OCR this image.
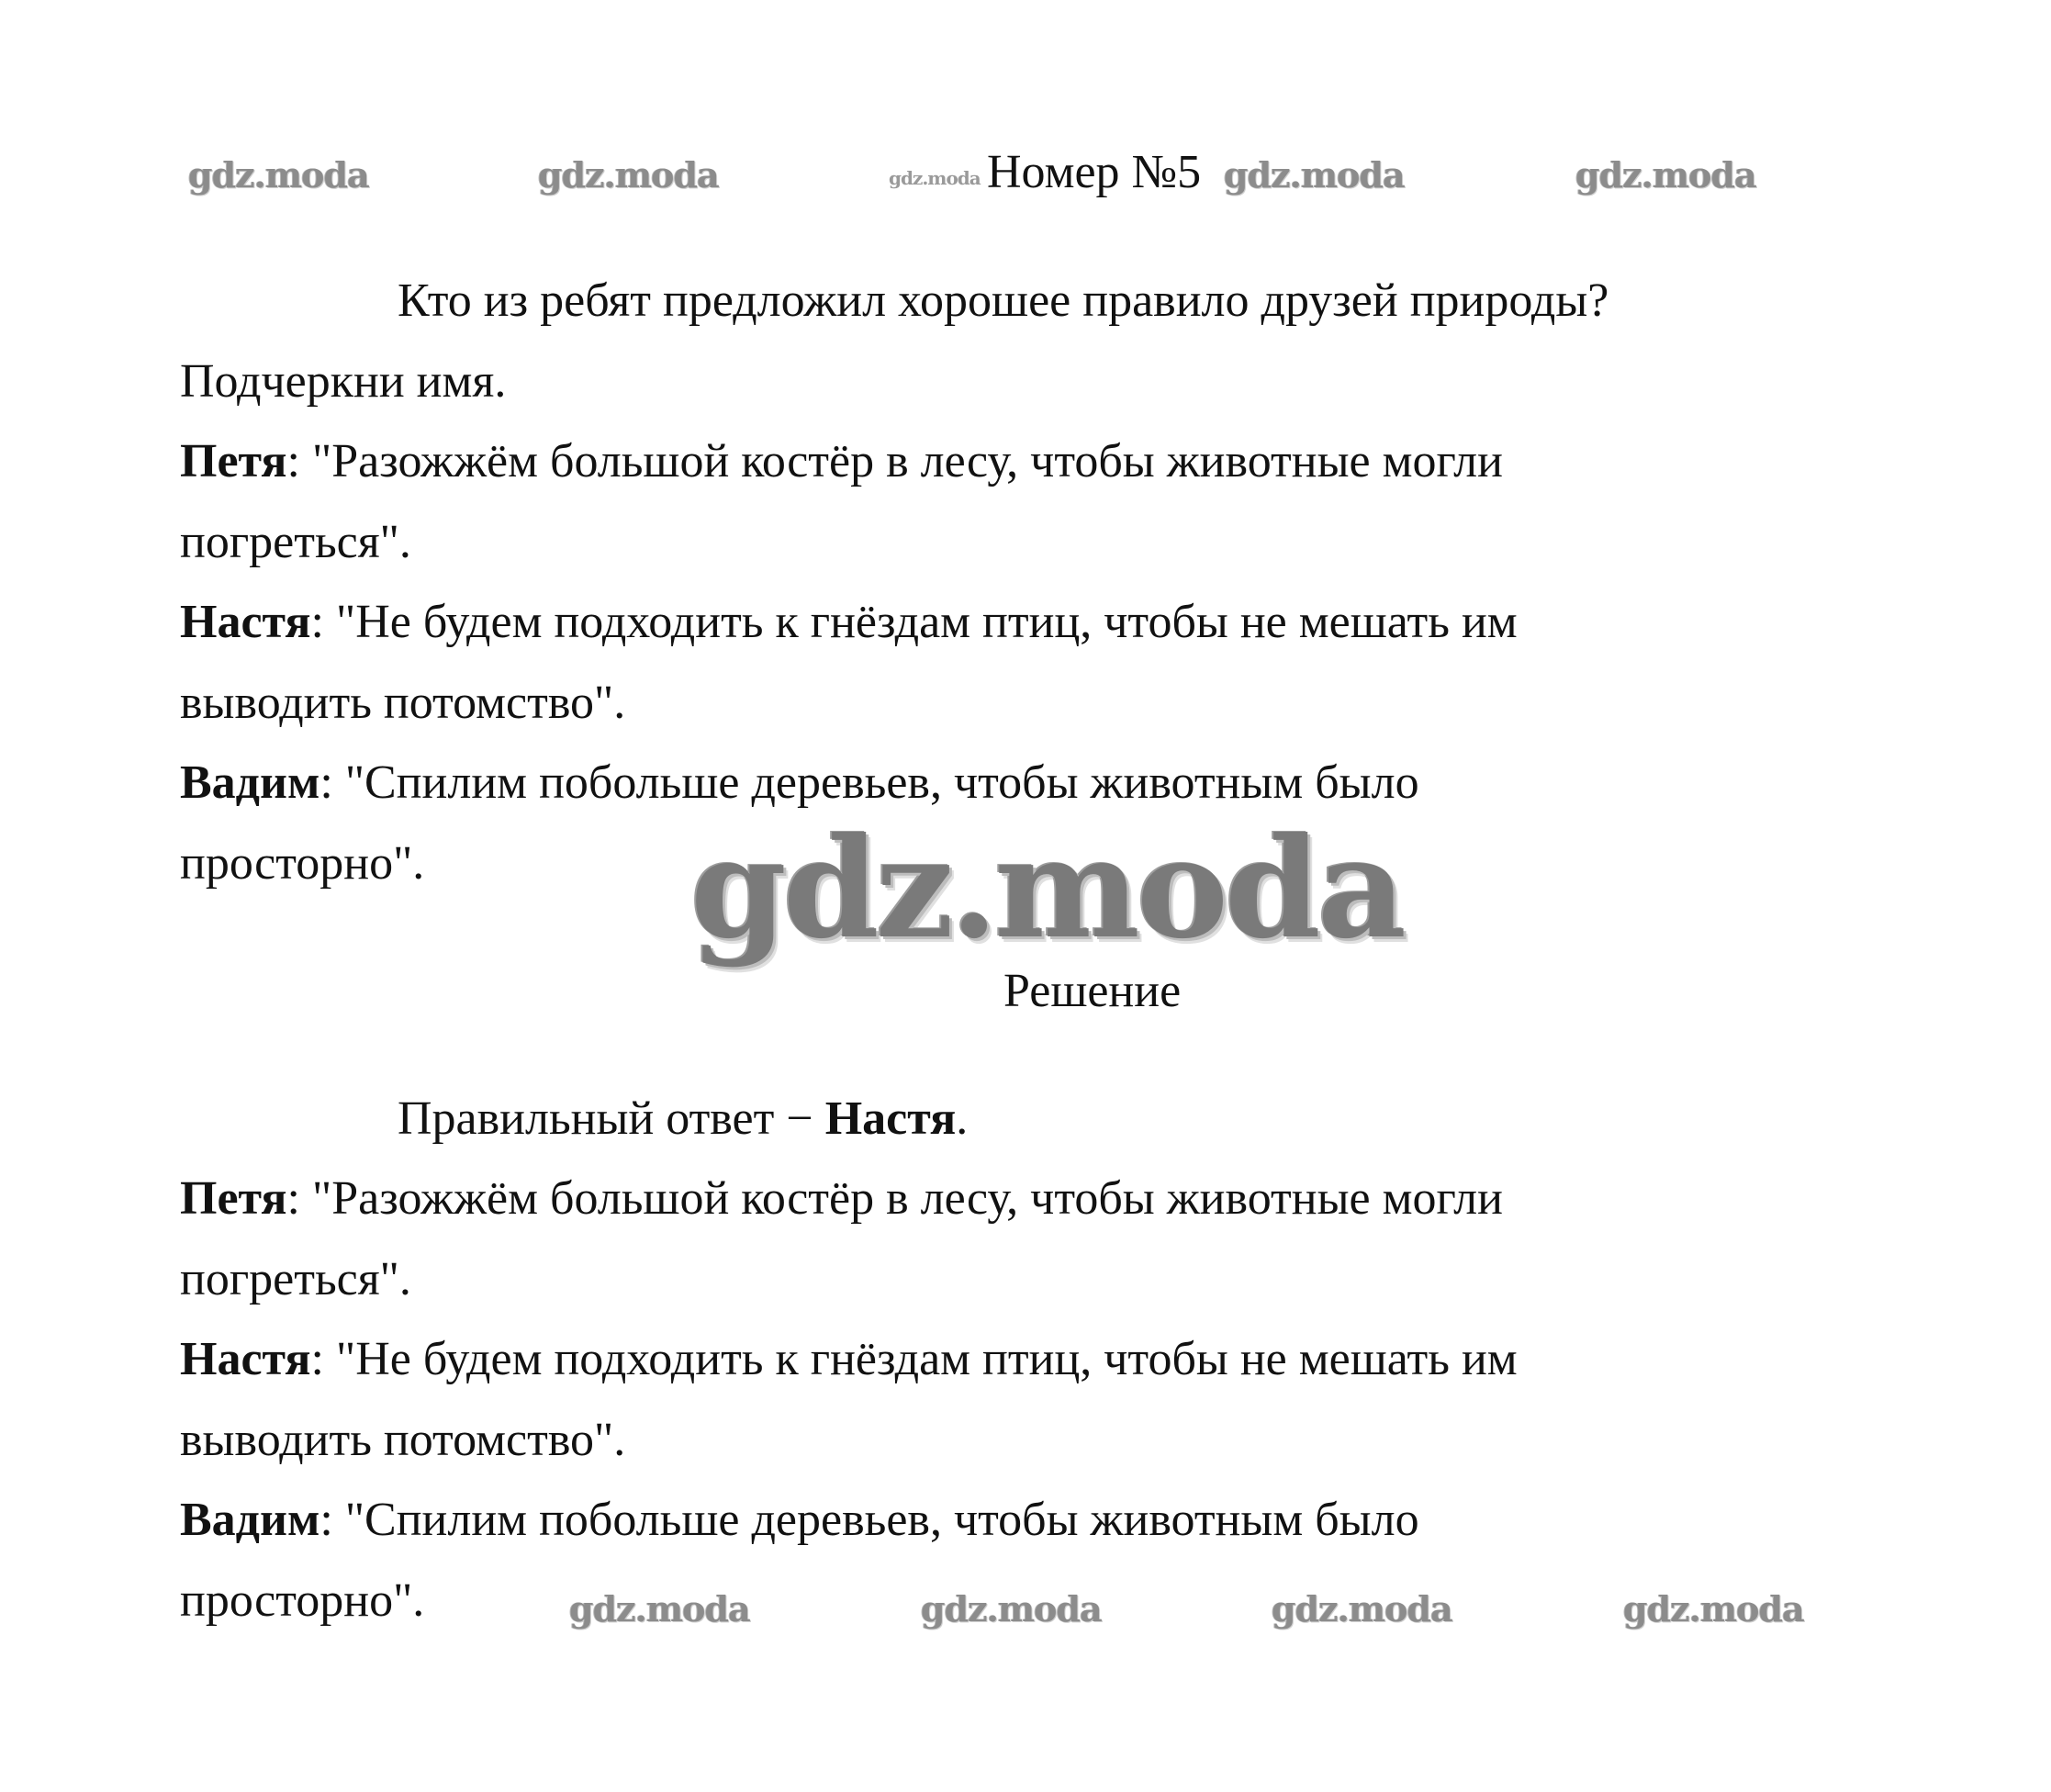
gdz.moda	gdz.moda	gdz.moda	gdz.moda	gdz.moda
Номер №5
Кто из ребят предложил хорошее правило друзей природы?
Подчеркни имя.
Петя: "Разожжём большой костёр в лесу, чтобы животные могли
погреться".
Настя: "Не будем подходить к гнёздам птиц, чтобы не мешать им
выводить потомство".
Вадим: "Спилим побольше деревьев, чтобы животным было
просторно". gdz.moda
Решение
Правильный ответ − Настя.
Петя: "Разожжём большой костёр в лесу, чтобы животные могли
погреться".
Настя: "Не будем подходить к гнёздам птиц, чтобы не мешать им
выводить потомство".
Вадим: "Спилим побольше деревьев, чтобы животным было
просторно".	gdz.moda	gdz.moda	gdz.moda	gdz.moda
